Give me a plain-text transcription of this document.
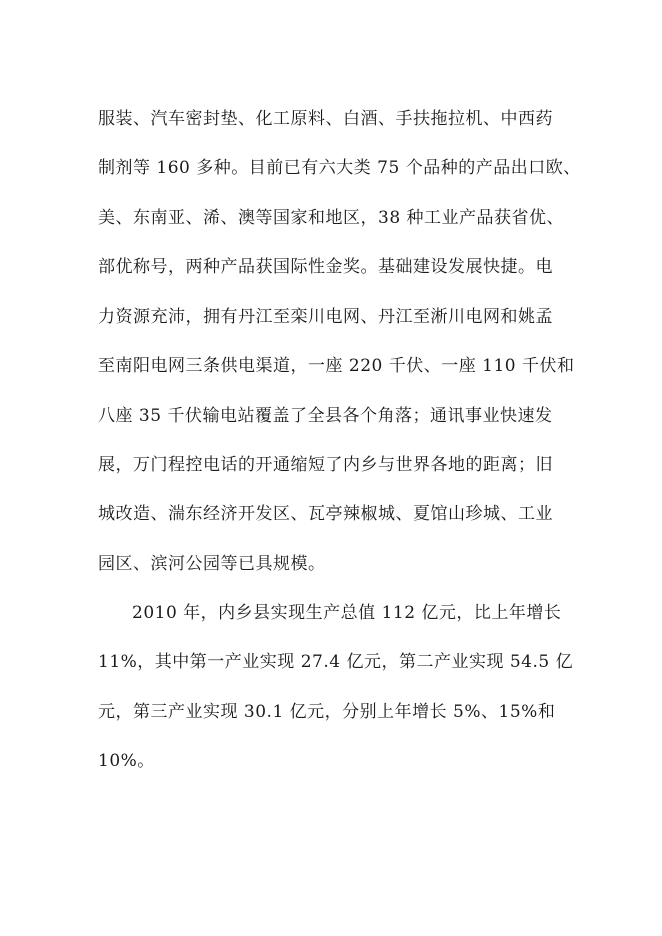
服装、汽车密封垫、化工原料、白酒、手扶拖拉机、中西药
制剂等 160 多种。目前已有六大类 75 个品种的产品出口欧、
美、东南亚、浠、澳等国家和地区，38 种工业产品获省优、
部优称号，两种产品获国际性金奖。基础建设发展快捷。电
力资源充沛，拥有丹江至栾川电网、丹江至淅川电网和姚孟
至南阳电网三条供电渠道，一座 220 千伏、一座 110 千伏和
八座 35 千伏输电站覆盖了全县各个角落；通讯事业快速发
展，万门程控电话的开通缩短了内乡与世界各地的距离；旧
城改造、湍东经济开发区、瓦亭辣椒城、夏馆山珍城、工业
园区、滨河公园等已具规模。
2010 年，内乡县实现生产总值 112 亿元，比上年增长
11%，其中第一产业实现 27.4 亿元，第二产业实现 54.5 亿
元，第三产业实现 30.1 亿元，分别上年增长 5%、15%和
10%。
